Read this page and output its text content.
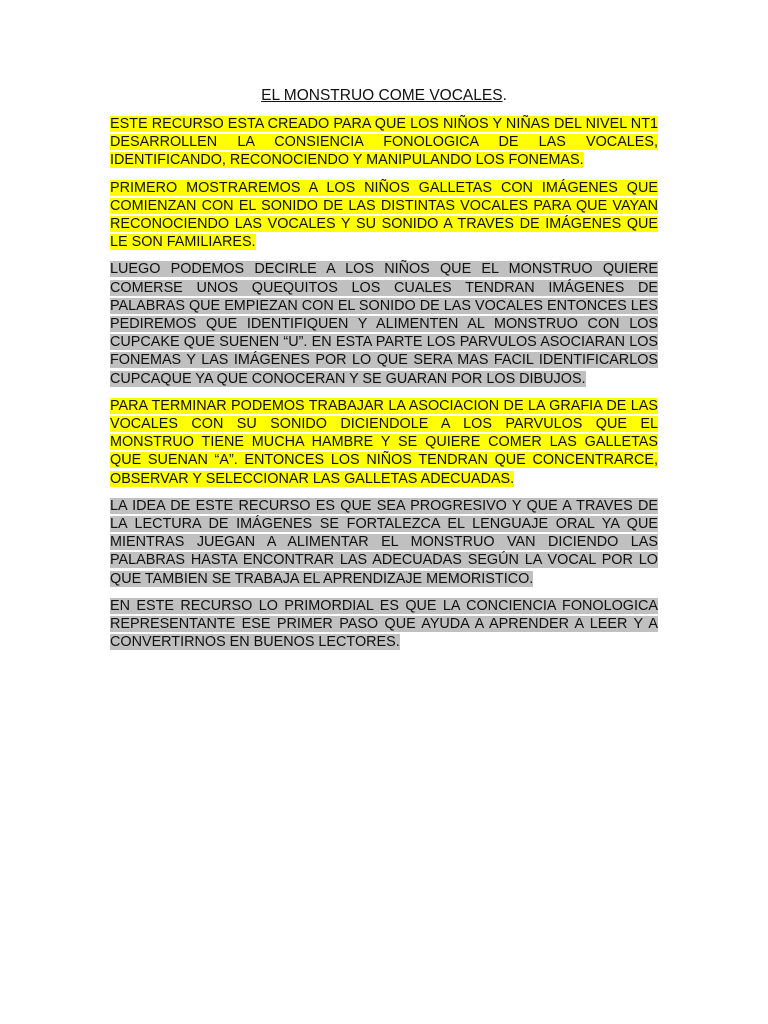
EL MONSTRUO COME VOCALES.

ESTE RECURSO ESTA CREADO PARA QUE LOS NIÑOS Y NIÑAS DEL NIVEL NT1 DESARROLLEN LA CONSIENCIA FONOLOGICA DE LAS VOCALES, IDENTIFICANDO, RECONOCIENDO Y MANIPULANDO LOS FONEMAS.

PRIMERO MOSTRAREMOS A LOS NIÑOS GALLETAS CON IMÁGENES QUE COMIENZAN CON EL SONIDO DE LAS DISTINTAS VOCALES PARA QUE VAYAN RECONOCIENDO LAS VOCALES Y SU SONIDO A TRAVES DE IMÁGENES QUE LE SON FAMILIARES.

LUEGO PODEMOS DECIRLE A LOS NIÑOS QUE EL MONSTRUO QUIERE COMERSE UNOS QUEQUITOS LOS CUALES TENDRAN IMÁGENES DE PALABRAS QUE EMPIEZAN CON EL SONIDO DE LAS VOCALES ENTONCES LES PEDIREMOS QUE IDENTIFIQUEN Y ALIMENTEN AL MONSTRUO CON LOS CUPCAKE QUE SUENEN “U”. EN ESTA PARTE LOS PARVULOS ASOCIARAN LOS FONEMAS Y LAS IMÁGENES POR LO QUE SERA MAS FACIL IDENTIFICARLOS CUPCAQUE YA QUE CONOCERAN Y SE GUARAN POR LOS DIBUJOS.

PARA TERMINAR PODEMOS TRABAJAR LA ASOCIACION DE LA GRAFIA DE LAS VOCALES CON SU SONIDO DICIENDOLE A LOS PARVULOS QUE EL MONSTRUO TIENE MUCHA HAMBRE Y SE QUIERE COMER LAS GALLETAS QUE SUENAN “A”. ENTONCES LOS NIÑOS TENDRAN QUE CONCENTRARCE, OBSERVAR Y SELECCIONAR LAS GALLETAS ADECUADAS.

LA IDEA DE ESTE RECURSO ES QUE SEA PROGRESIVO Y QUE A TRAVES DE LA LECTURA DE IMÁGENES SE FORTALEZCA EL LENGUAJE ORAL YA QUE MIENTRAS JUEGAN A ALIMENTAR EL MONSTRUO VAN DICIENDO LAS PALABRAS HASTA ENCONTRAR LAS ADECUADAS SEGÚN LA VOCAL POR LO QUE TAMBIEN SE TRABAJA EL APRENDIZAJE MEMORISTICO.

EN ESTE RECURSO LO PRIMORDIAL ES QUE LA CONCIENCIA FONOLOGICA REPRESENTANTE ESE PRIMER PASO QUE AYUDA A APRENDER A LEER Y A CONVERTIRNOS EN BUENOS LECTORES.
